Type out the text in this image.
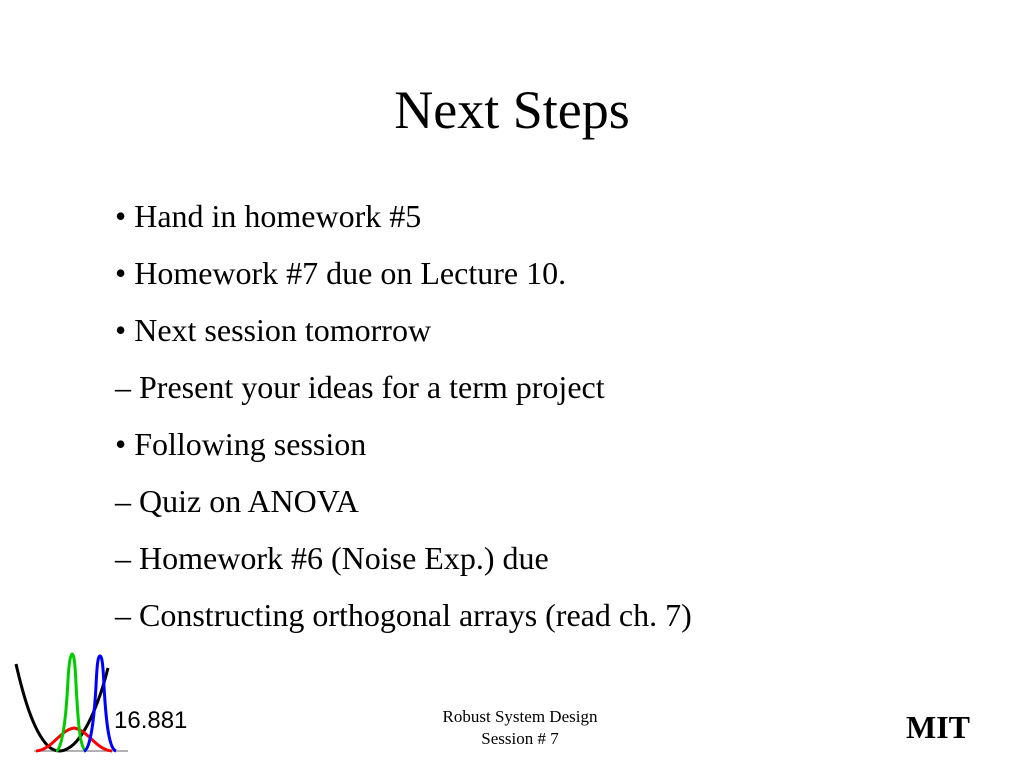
Next Steps
• Hand in homework #5
• Homework #7 due on Lecture 10.
• Next session tomorrow
– Present your ideas for a term project
• Following session
– Quiz on ANOVA
– Homework #6 (Noise Exp.) due
– Constructing orthogonal arrays (read ch. 7)
16.881	Robust System Design
Session # 7	MIT
